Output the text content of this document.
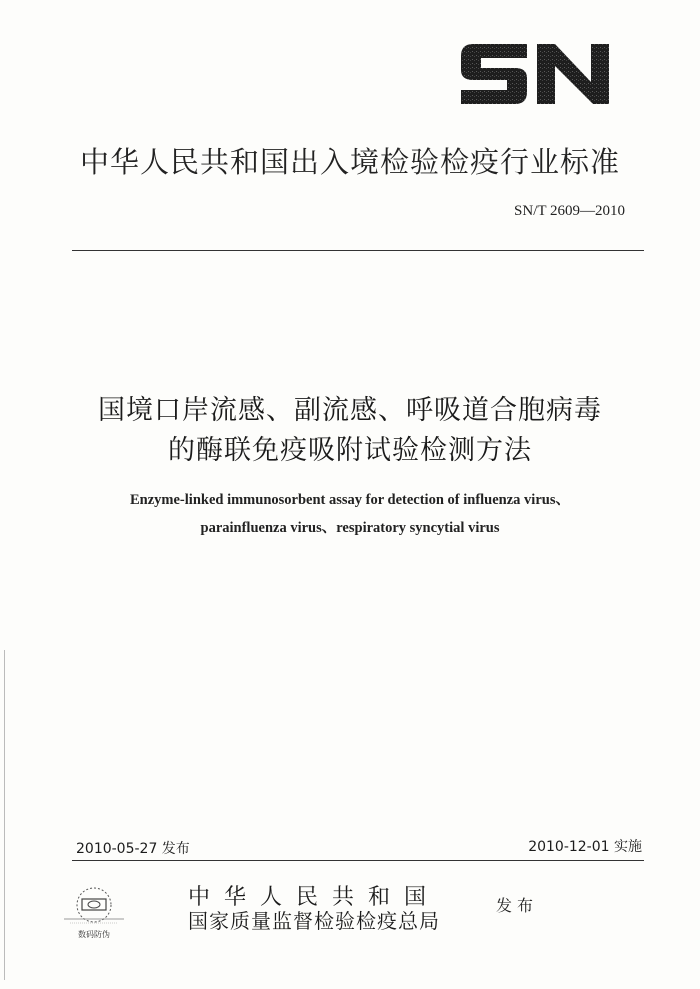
中华人民共和国出入境检验检疫行业标准
SN/T 2609—2010
国境口岸流感、副流感、呼吸道合胞病毒
的酶联免疫吸附试验检测方法
Enzyme-linked immunosorbent assay for detection of influenza virus、
parainfluenza virus、respiratory syncytial virus
2010-05-27 发布	2010-12-01 实施
数码防伪
中华人民共和国
国家质量监督检验检疫总局
发布
